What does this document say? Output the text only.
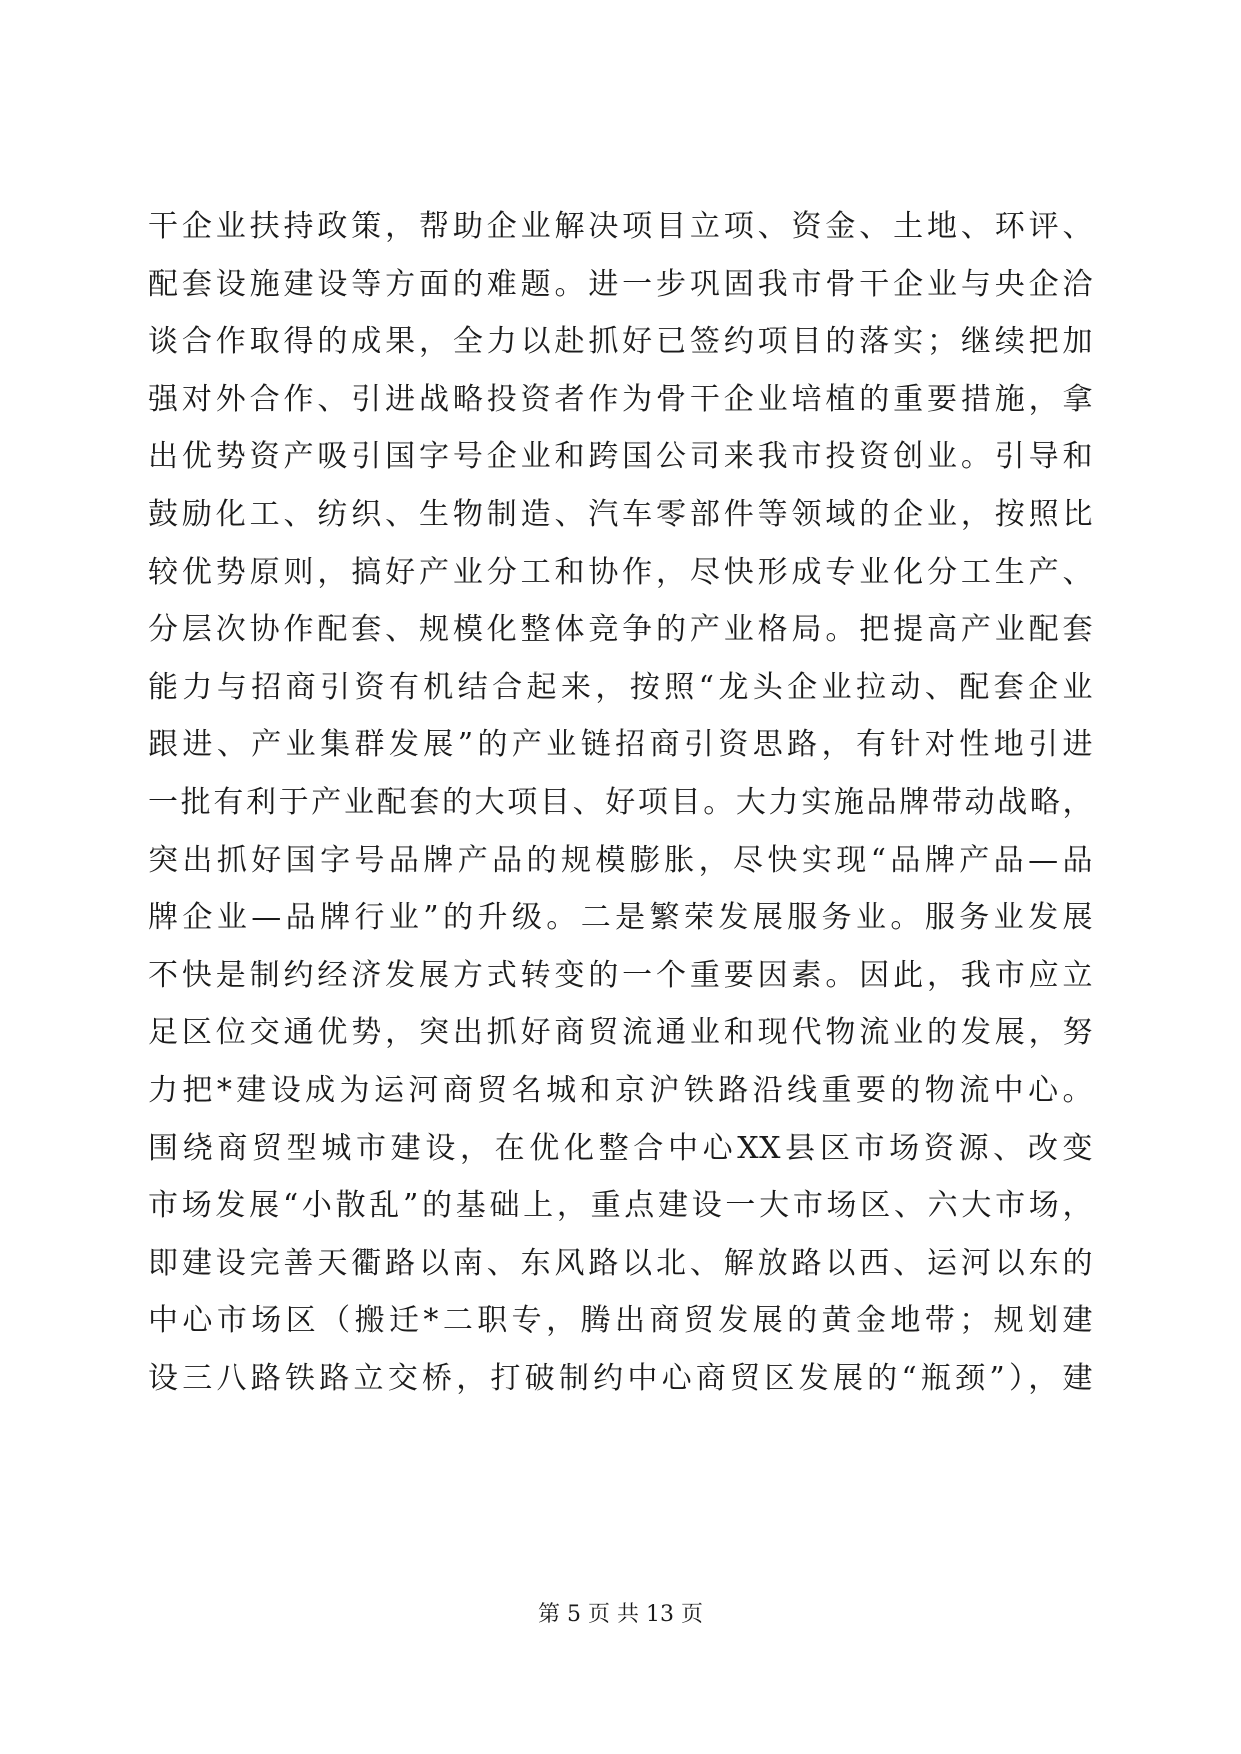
干企业扶持政策，帮助企业解决项目立项、资金、土地、环评、
配套设施建设等方面的难题。进一步巩固我市骨干企业与央企洽
谈合作取得的成果，全力以赴抓好已签约项目的落实；继续把加
强对外合作、引进战略投资者作为骨干企业培植的重要措施，拿
出优势资产吸引国字号企业和跨国公司来我市投资创业。引导和
鼓励化工、纺织、生物制造、汽车零部件等领域的企业，按照比
较优势原则，搞好产业分工和协作，尽快形成专业化分工生产、
分层次协作配套、规模化整体竞争的产业格局。把提高产业配套
能力与招商引资有机结合起来，按照“龙头企业拉动、配套企业
跟进、产业集群发展”的产业链招商引资思路，有针对性地引进
一批有利于产业配套的大项目、好项目。大力实施品牌带动战略，
突出抓好国字号品牌产品的规模膨胀，尽快实现“品牌产品—品
牌企业—品牌行业”的升级。二是繁荣发展服务业。服务业发展
不快是制约经济发展方式转变的一个重要因素。因此，我市应立
足区位交通优势，突出抓好商贸流通业和现代物流业的发展，努
力把*建设成为运河商贸名城和京沪铁路沿线重要的物流中心。
围绕商贸型城市建设，在优化整合中心XX县区市场资源、改变
市场发展“小散乱”的基础上，重点建设一大市场区、六大市场，
即建设完善天衢路以南、东风路以北、解放路以西、运河以东的
中心市场区（搬迁*二职专，腾出商贸发展的黄金地带；规划建
设三八路铁路立交桥，打破制约中心商贸区发展的“瓶颈”），建
第 5 页 共 13 页
